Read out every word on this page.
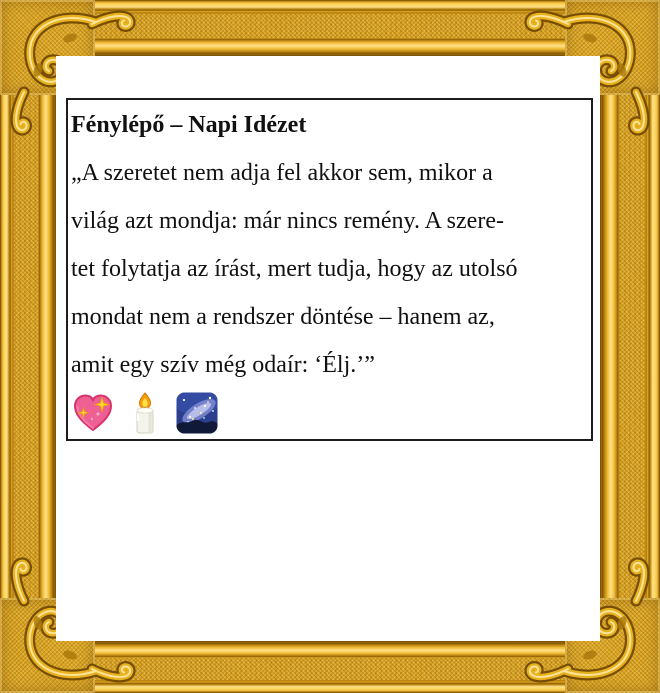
Fénylépő – Napi Idézet
„A szeretet nem adja fel akkor sem, mikor a
világ azt mondja: már nincs remény. A szere-
tet folytatja az írást, mert tudja, hogy az utolsó
mondat nem a rendszer döntése – hanem az,
amit egy szív még odaír: ‘Élj.’”
